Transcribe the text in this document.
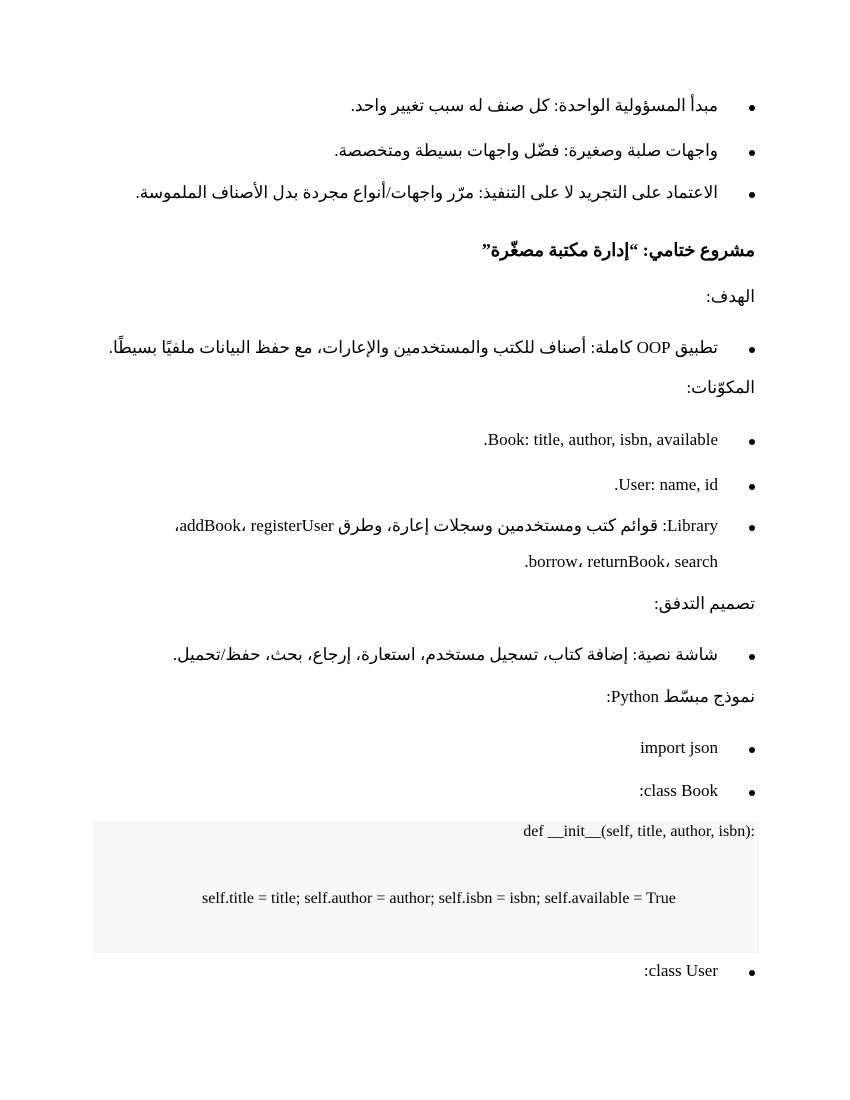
مبدأ المسؤولية الواحدة: كل صنف له سبب تغيير واحد.
واجهات صلبة وصغيرة: فضّل واجهات بسيطة ومتخصصة.
الاعتماد على التجريد لا على التنفيذ: مرّر واجهات/أنواع مجردة بدل الأصناف الملموسة.
مشروع ختامي: “إدارة مكتبة مصغّرة”
الهدف:
تطبيق OOP كاملة: أصناف للكتب والمستخدمين والإعارات، مع حفظ البيانات ملفيًا بسيطًا.
المكوّنات:
Book: title, author, isbn, available.
User: name, id.
Library: قوائم كتب ومستخدمين وسجلات إعارة، وطرق addBook، registerUser،
borrow، returnBook، search.
تصميم التدفق:
شاشة نصية: إضافة كتاب، تسجيل مستخدم، استعارة، إرجاع، بحث، حفظ/تحميل.
نموذج مبسّط Python:
import json
class Book:
def __init__(self, title, author, isbn):
self.title = title; self.author = author; self.isbn = isbn; self.available = True
class User:
